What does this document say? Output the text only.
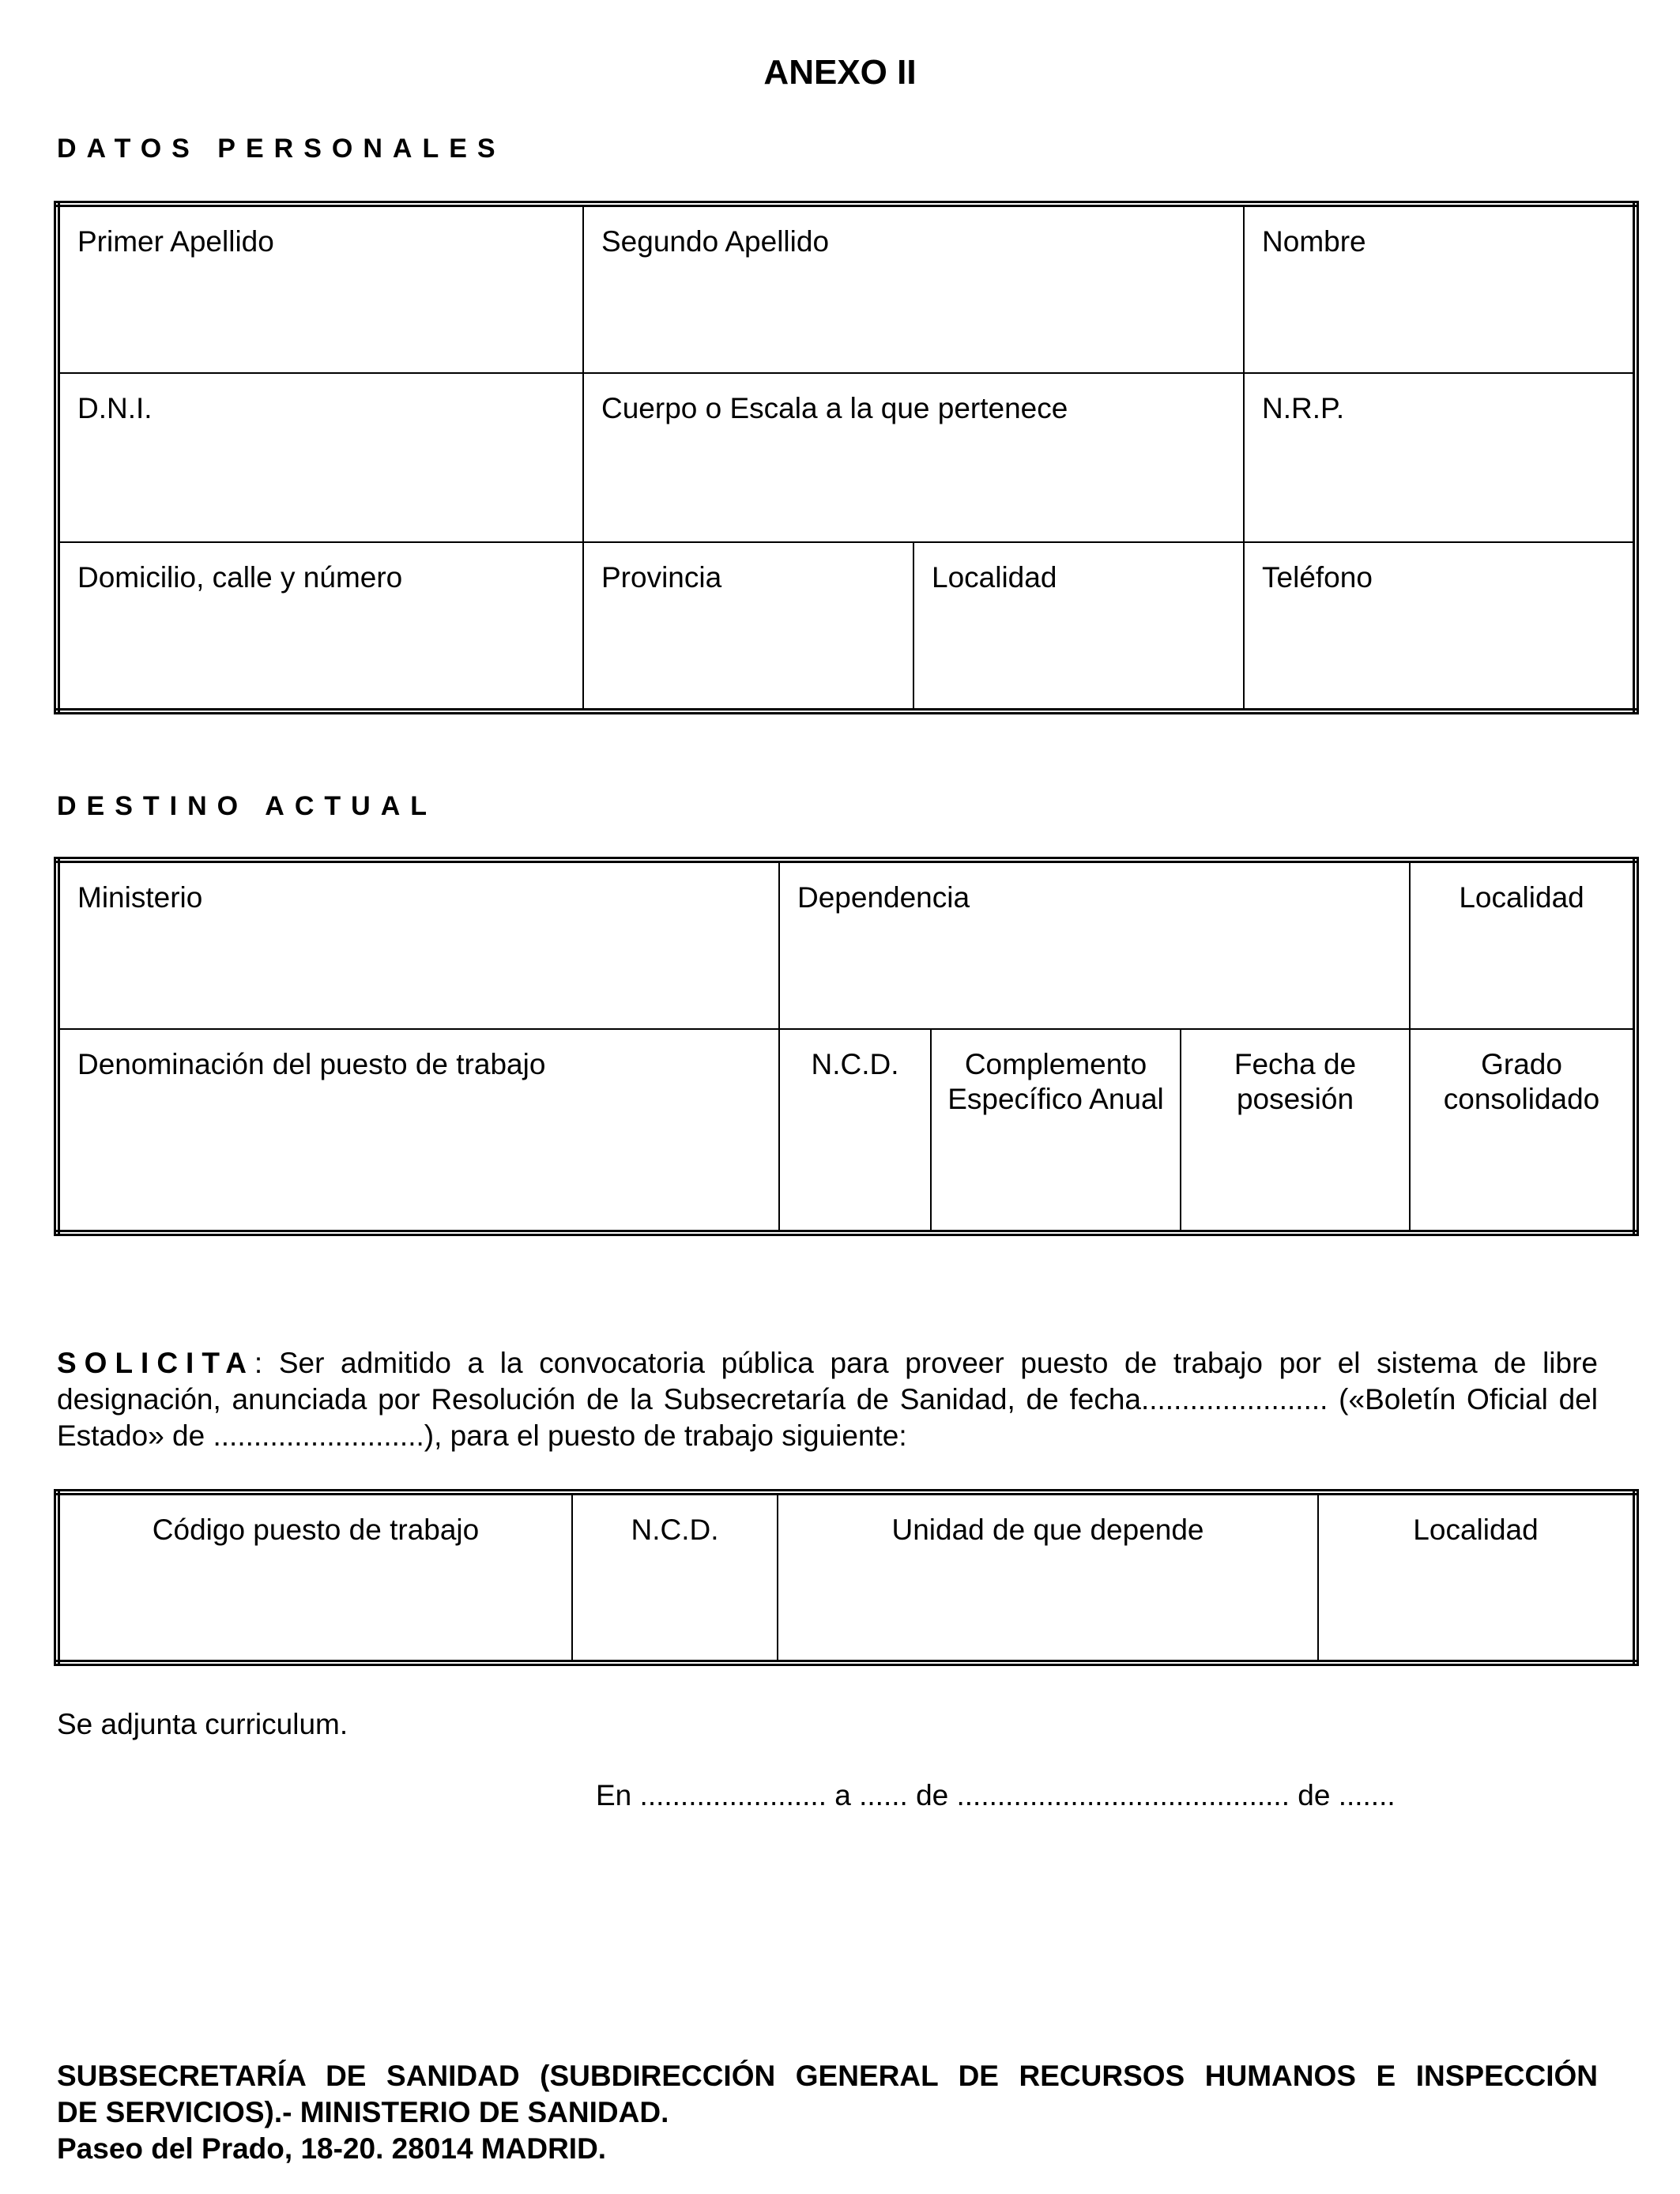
ANEXO II
DATOS PERSONALES
Primer Apellido	Segundo Apellido		Nombre
D.N.I.	Cuerpo o Escala a la que pertenece		N.R.P.
Domicilio, calle y número	Provincia	Localidad	Teléfono
DESTINO ACTUAL
Ministerio	Dependencia			Localidad
Denominación del puesto de trabajo	N.C.D.	Complemento Específico Anual	Fecha de posesión	Grado consolidado
SOLICITA: Ser admitido a la convocatoria pública para proveer puesto de trabajo por el sistema de libre designación, anunciada por Resolución de la Subsecretaría de Sanidad, de fecha....................... («Boletín Oficial del Estado» de ..........................), para el puesto de trabajo siguiente:
Código puesto de trabajo	N.C.D.	Unidad de que depende	Localidad
Se adjunta curriculum.
En ....................... a ...... de ......................................... de .......
SUBSECRETARÍA DE SANIDAD (SUBDIRECCIÓN GENERAL DE RECURSOS HUMANOS E INSPECCIÓN
DE SERVICIOS).- MINISTERIO DE SANIDAD.
Paseo del Prado, 18-20. 28014 MADRID.
